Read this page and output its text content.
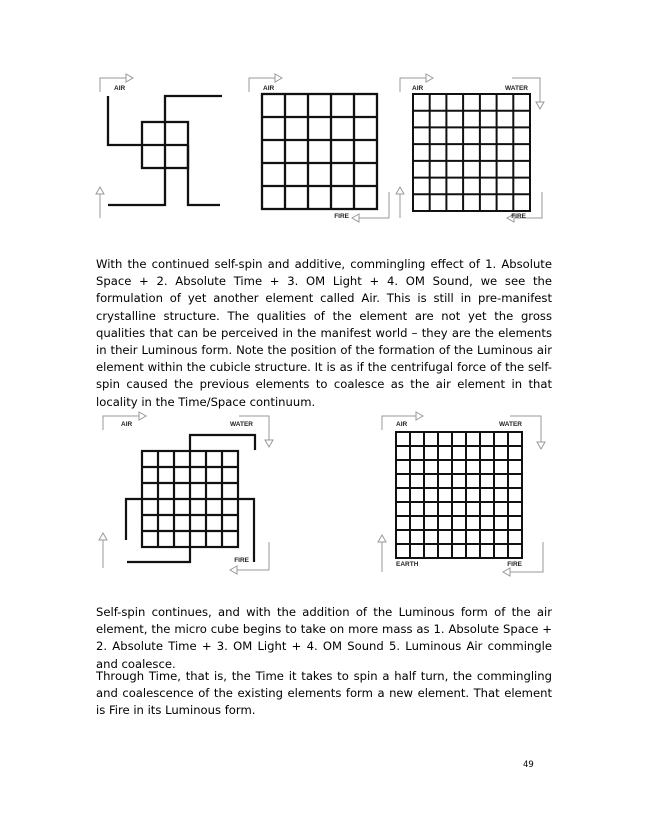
AIR	AIR
FIRE
AIR	WATER
FIRE

With the continued self-spin and additive, commingling effect of 1. Absolute Space + 2. Absolute Time + 3. OM Light + 4. OM Sound, we see the formulation of yet another element called Air. This is still in pre-manifest crystalline structure. The qualities of the element are not yet the gross qualities that can be perceived in the manifest world – they are the elements in their Luminous form. Note the position of the formation of the Luminous air element within the cubicle structure. It is as if the centrifugal force of the self-spin caused the previous elements to coalesce as the air element in that locality in the Time/Space continuum.

AIR	WATER
FIRE
AIR	WATER
EARTH	FIRE

Self-spin continues, and with the addition of the Luminous form of the air element, the micro cube begins to take on more mass as 1. Absolute Space + 2. Absolute Time + 3. OM Light + 4. OM Sound 5. Luminous Air commingle and coalesce.

Through Time, that is, the Time it takes to spin a half turn, the commingling and coalescence of the existing elements form a new element. That element is Fire in its Luminous form.

49
